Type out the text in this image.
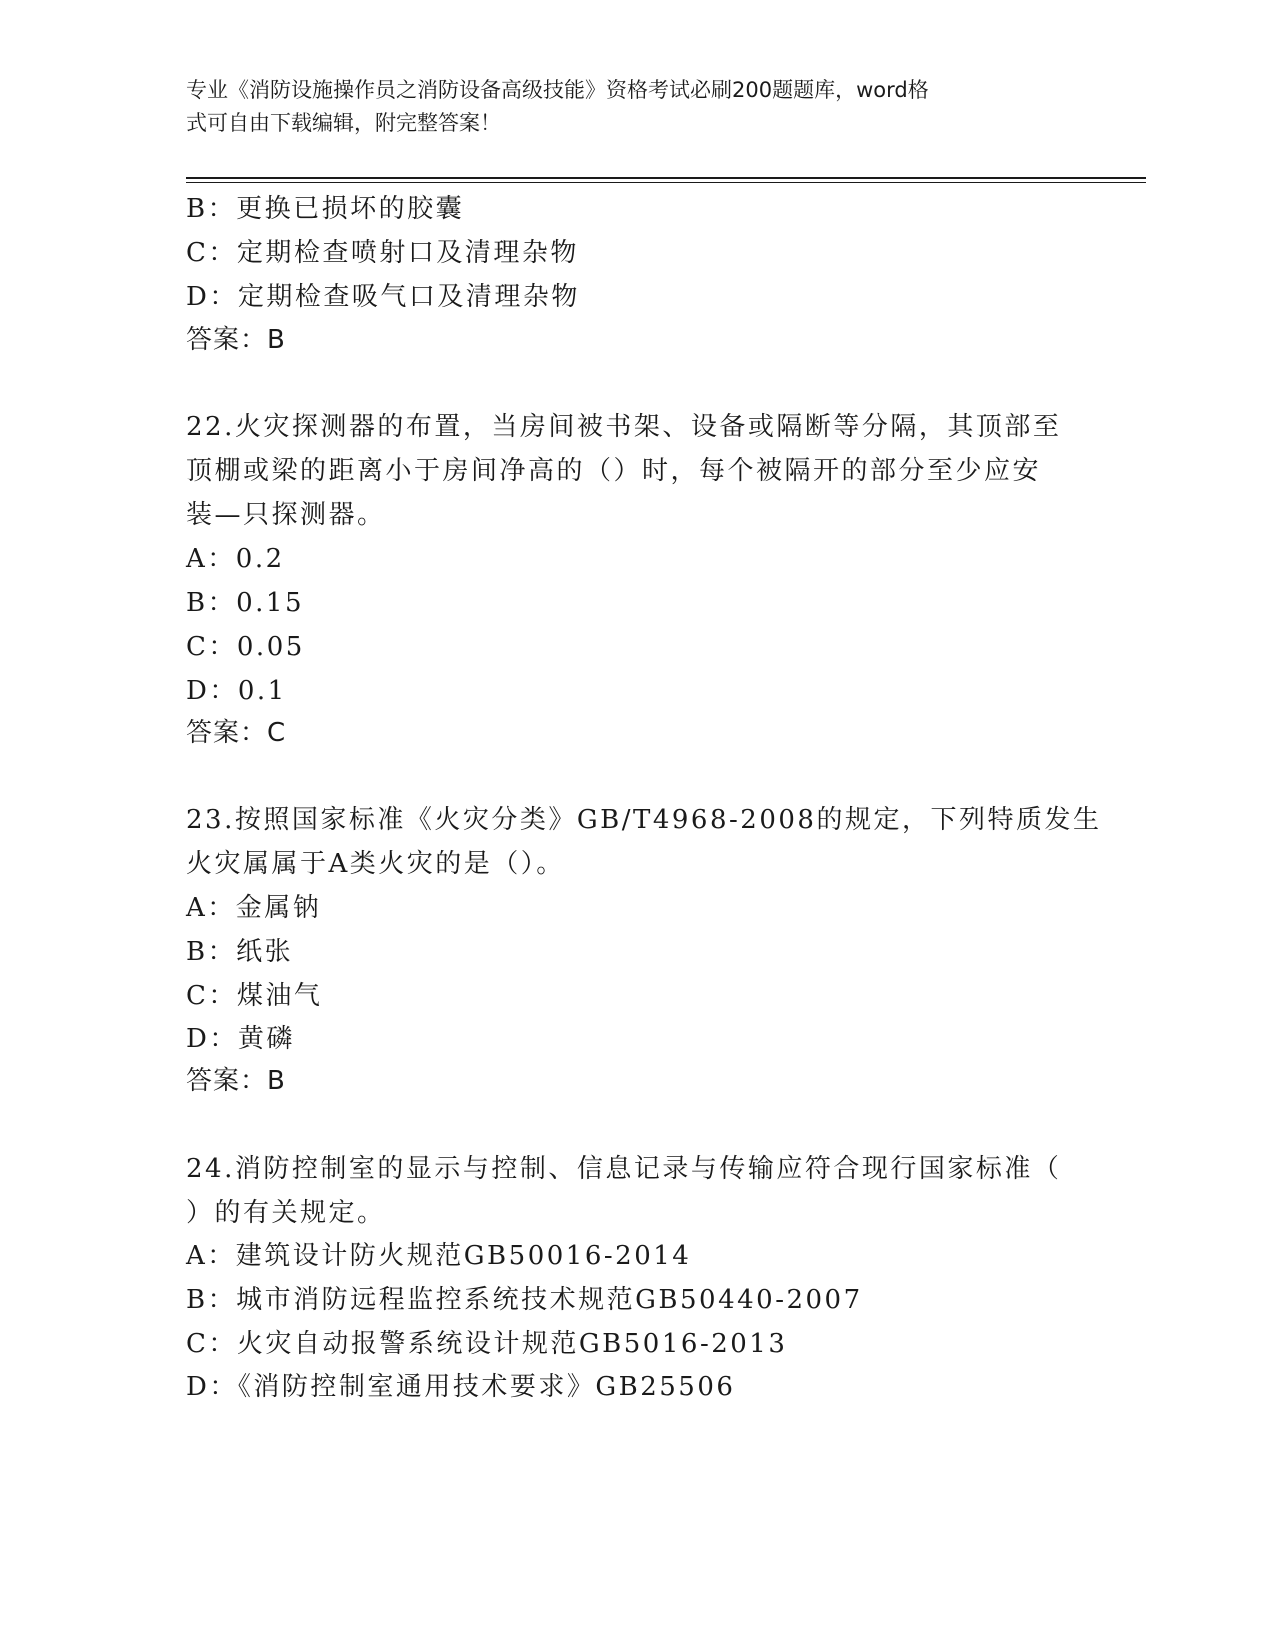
专业《消防设施操作员之消防设备高级技能》资格考试必刷200题题库，word格
式可自由下载编辑，附完整答案！
B：更换已损坏的胶囊
C：定期检查喷射口及清理杂物
D：定期检查吸气口及清理杂物
答案：B
22.火灾探测器的布置，当房间被书架、设备或隔断等分隔，其顶部至
顶棚或梁的距离小于房间净高的（）时，每个被隔开的部分至少应安
装—只探测器。
A：0.2
B：0.15
C：0.05
D：0.1
答案：C
23.按照国家标准《火灾分类》GB/T4968-2008的规定，下列特质发生
火灾属属于A类火灾的是（）。
A：金属钠
B：纸张
C：煤油气
D：黄磷
答案：B
24.消防控制室的显示与控制、信息记录与传输应符合现行国家标准（
）的有关规定。
A：建筑设计防火规范GB50016-2014
B：城市消防远程监控系统技术规范GB50440-2007
C：火灾自动报警系统设计规范GB5016-2013
D：《消防控制室通用技术要求》GB25506
